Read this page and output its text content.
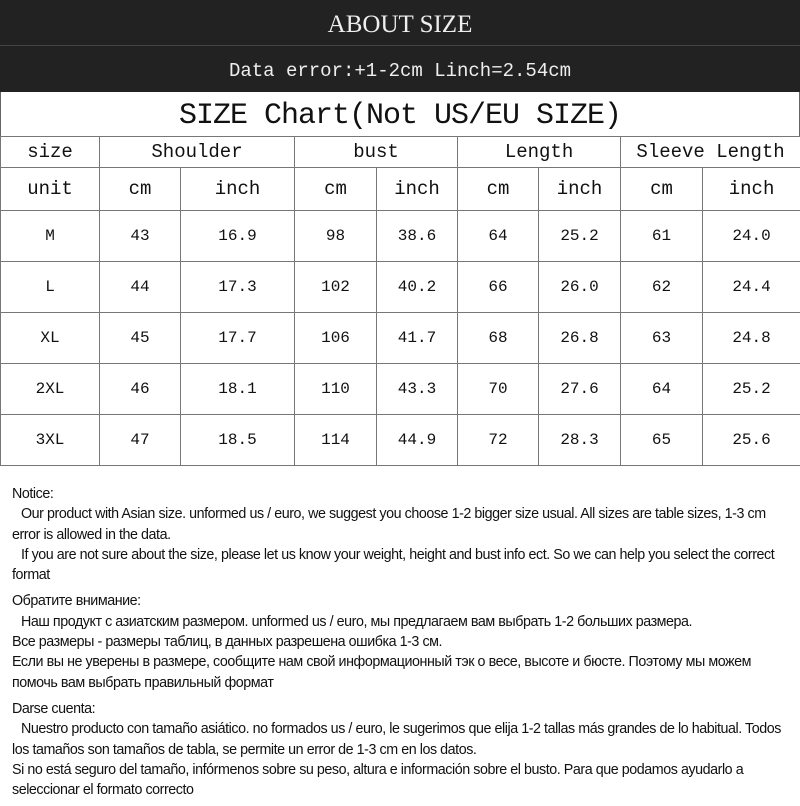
ABOUT SIZE
Data error:+1-2cm Linch=2.54cm
SIZE Chart(Not US/EU SIZE)
size	Shoulder		bust		Length		Sleeve Length	
unit	cm	inch	cm	inch	cm	inch	cm	inch
M	43	16.9	98	38.6	64	25.2	61	24.0
L	44	17.3	102	40.2	66	26.0	62	24.4
XL	45	17.7	106	41.7	68	26.8	63	24.8
2XL	46	18.1	110	43.3	70	27.6	64	25.2
3XL	47	18.5	114	44.9	72	28.3	65	25.6

Notice:
Our product with Asian size. unformed us / euro, we suggest you choose 1-2 bigger size usual. All sizes are table sizes, 1-3 cm error is allowed in the data.
If you are not sure about the size, please let us know your weight, height and bust info ect. So we can help you select the correct format

Обратите внимание:
Наш продукт с азиатским размером. unformed us / euro, мы предлагаем вам выбрать 1-2 больших размера.
Все размеры - размеры таблиц, в данных разрешена ошибка 1-3 см.
Если вы не уверены в размере, сообщите нам свой информационный тэк о весе, высоте и бюсте. Поэтому мы можем помочь вам выбрать правильный формат

Darse cuenta:
Nuestro producto con tamaño asiático. no formados us / euro, le sugerimos que elija 1-2 tallas más grandes de lo habitual. Todos los tamaños son tamaños de tabla, se permite un error de 1-3 cm en los datos.
Si no está seguro del tamaño, infórmenos sobre su peso, altura e información sobre el busto. Para que podamos ayudarlo a seleccionar el formato correcto
